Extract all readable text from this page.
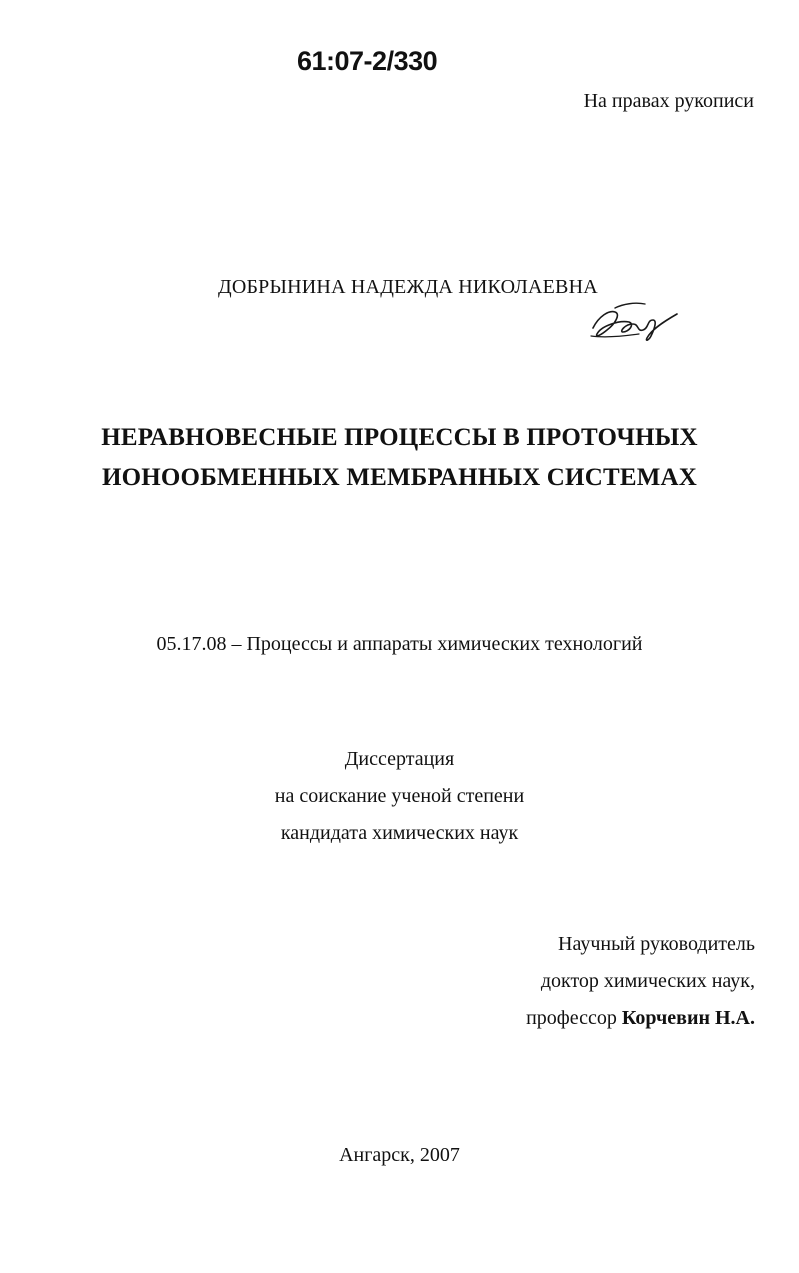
61:07-2/330
На правах рукописи
ДОБРЫНИНА НАДЕЖДА НИКОЛАЕВНА
НЕРАВНОВЕСНЫЕ ПРОЦЕССЫ В ПРОТОЧНЫХ
ИОНООБМЕННЫХ МЕМБРАННЫХ СИСТЕМАХ
05.17.08 – Процессы и аппараты химических технологий
Диссертация
на соискание ученой степени
кандидата химических наук
Научный руководитель
доктор химических наук,
профессор Корчевин Н.А.
Ангарск, 2007
